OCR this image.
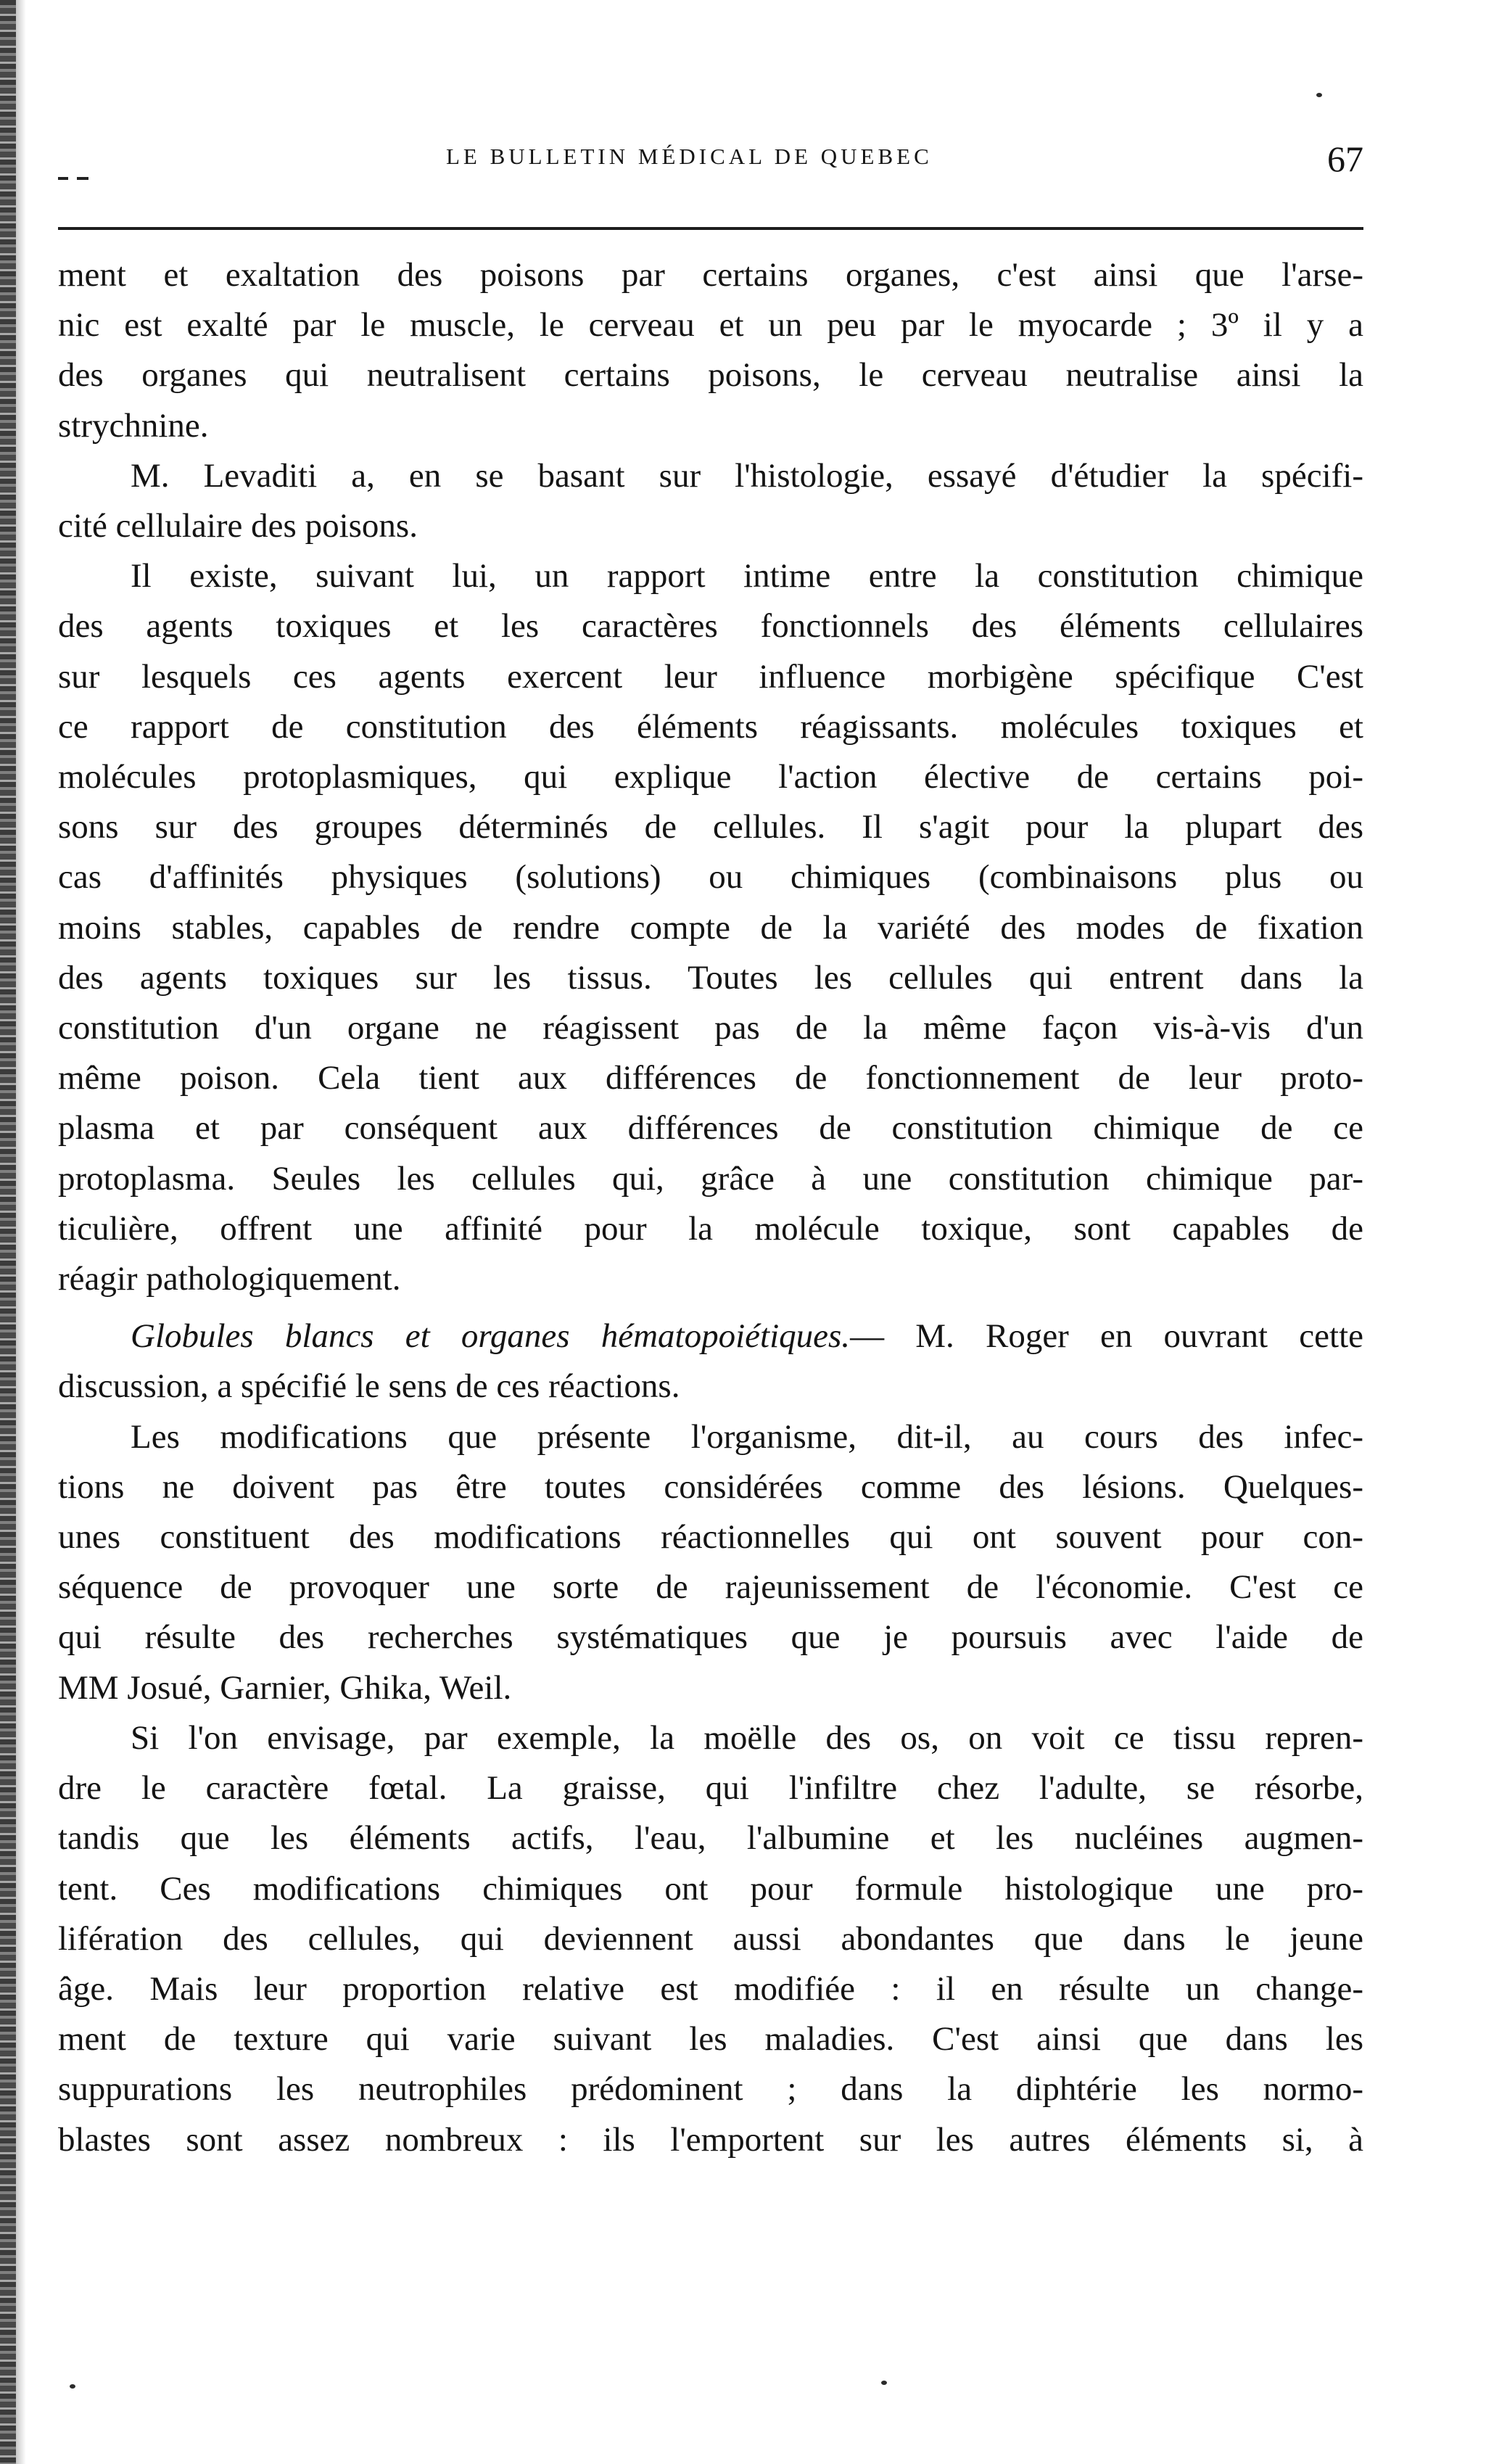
LE BULLETIN MÉDICAL DE QUEBEC	67
ment et exaltation des poisons par certains organes, c'est ainsi que l'arse-
nic est exalté par le muscle, le cerveau et un peu par le myocarde ; 3º il y a
des organes qui neutralisent certains poisons, le cerveau neutralise ainsi la
strychnine.
M. Levaditi a, en se basant sur l'histologie, essayé d'étudier la spécifi-
cité cellulaire des poisons.
Il existe, suivant lui, un rapport intime entre la constitution chimique
des agents toxiques et les caractères fonctionnels des éléments cellulaires
sur lesquels ces agents exercent leur influence morbigène spécifique C'est
ce rapport de constitution des éléments réagissants. molécules toxiques et
molécules protoplasmiques, qui explique l'action élective de certains poi-
sons sur des groupes déterminés de cellules. Il s'agit pour la plupart des
cas d'affinités physiques (solutions) ou chimiques (combinaisons plus ou
moins stables, capables de rendre compte de la variété des modes de fixation
des agents toxiques sur les tissus. Toutes les cellules qui entrent dans la
constitution d'un organe ne réagissent pas de la même façon vis-à-vis d'un
même poison. Cela tient aux différences de fonctionnement de leur proto-
plasma et par conséquent aux différences de constitution chimique de ce
protoplasma. Seules les cellules qui, grâce à une constitution chimique par-
ticulière, offrent une affinité pour la molécule toxique, sont capables de
réagir pathologiquement.
Globules blancs et organes hématopoiétiques.— M. Roger en ouvrant cette
discussion, a spécifié le sens de ces réactions.
Les modifications que présente l'organisme, dit-il, au cours des infec-
tions ne doivent pas être toutes considérées comme des lésions. Quelques-
unes constituent des modifications réactionnelles qui ont souvent pour con-
séquence de provoquer une sorte de rajeunissement de l'économie. C'est ce
qui résulte des recherches systématiques que je poursuis avec l'aide de
MM Josué, Garnier, Ghika, Weil.
Si l'on envisage, par exemple, la moëlle des os, on voit ce tissu repren-
dre le caractère fœtal. La graisse, qui l'infiltre chez l'adulte, se résorbe,
tandis que les éléments actifs, l'eau, l'albumine et les nucléines augmen-
tent. Ces modifications chimiques ont pour formule histologique une pro-
lifération des cellules, qui deviennent aussi abondantes que dans le jeune
âge. Mais leur proportion relative est modifiée : il en résulte un change-
ment de texture qui varie suivant les maladies. C'est ainsi que dans les
suppurations les neutrophiles prédominent ; dans la diphtérie les normo-
blastes sont assez nombreux : ils l'emportent sur les autres éléments si, à
